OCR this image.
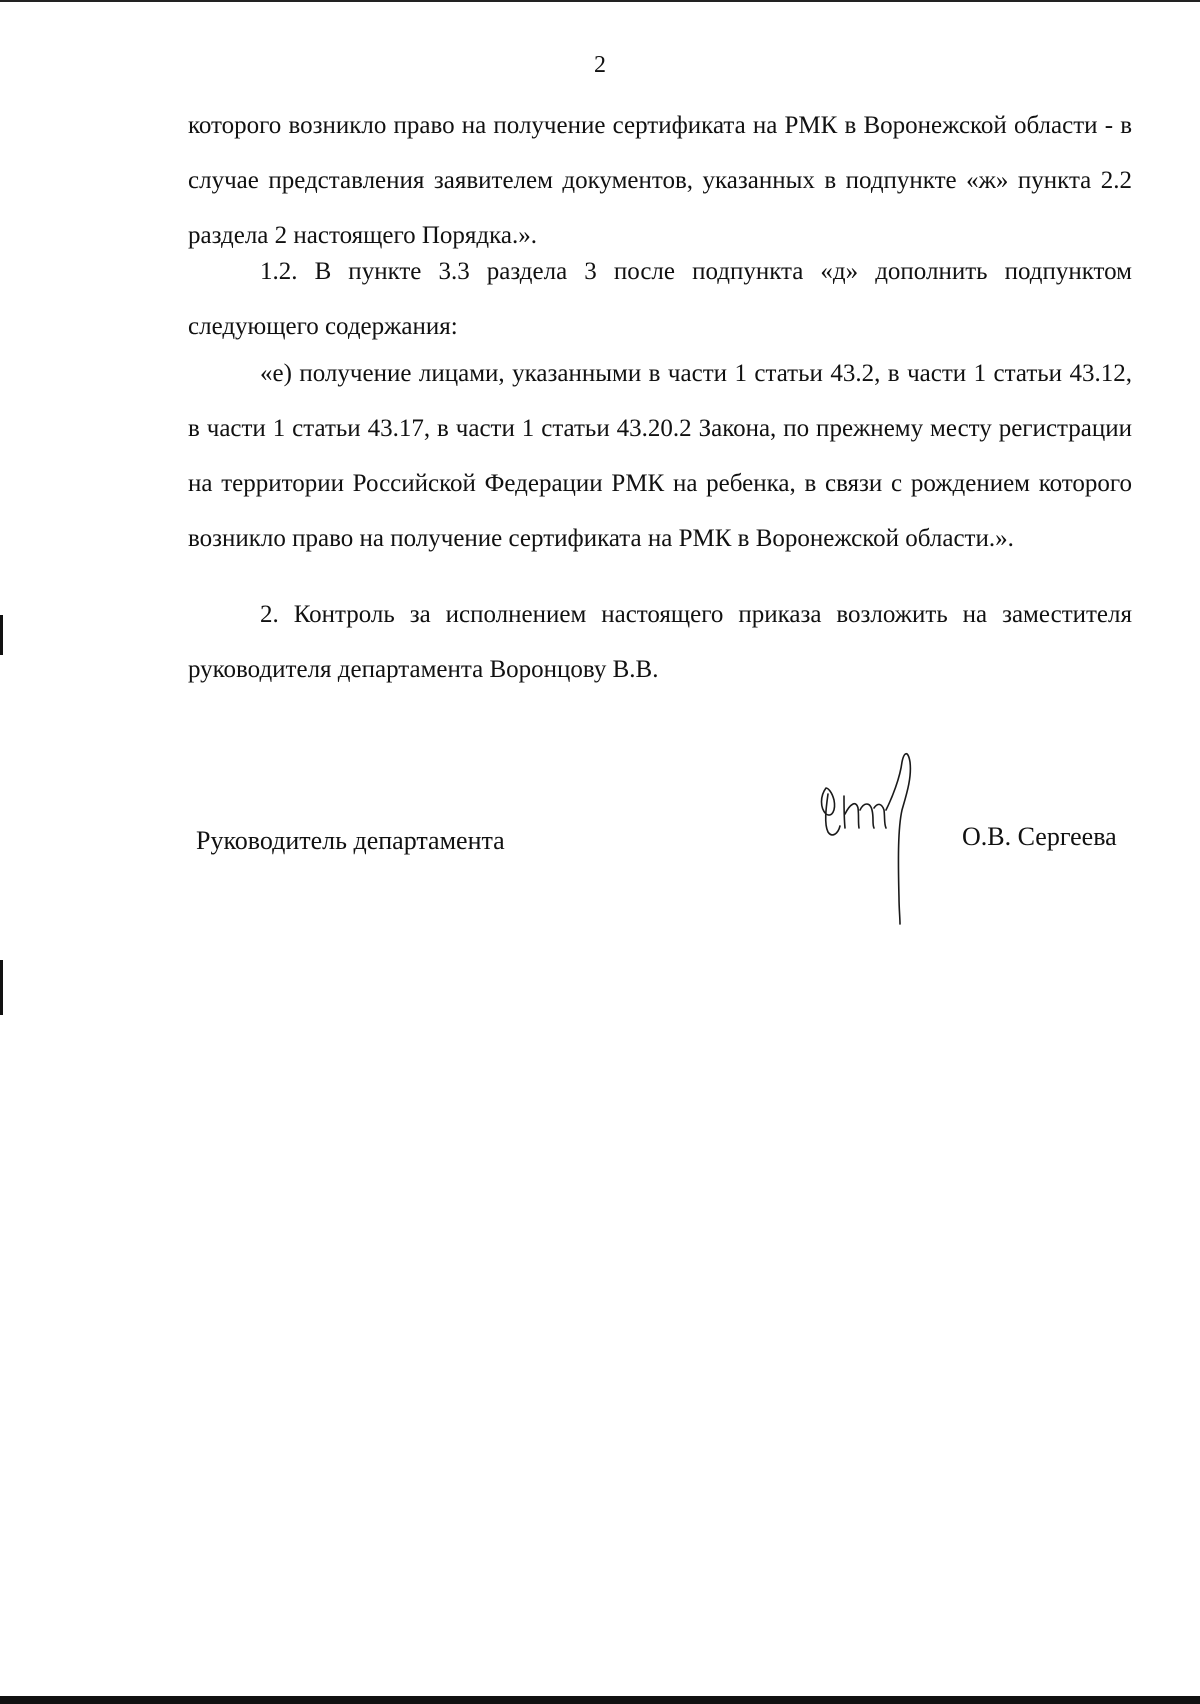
2

которого возникло право на получение сертификата на РМК в Воронежской области - в случае представления заявителем документов, указанных в подпункте «ж» пункта 2.2 раздела 2 настоящего Порядка.».

1.2. В пункте 3.3 раздела 3 после подпункта «д» дополнить подпунктом следующего содержания:

«е) получение лицами, указанными в части 1 статьи 43.2, в части 1 статьи 43.12, в части 1 статьи 43.17, в части 1 статьи 43.20.2 Закона, по прежнему месту регистрации на территории Российской Федерации РМК на ребенка, в связи с рождением которого возникло право на получение сертификата на РМК в Воронежской области.».

2. Контроль за исполнением настоящего приказа возложить на заместителя руководителя департамента Воронцову В.В.

Руководитель департамента	О.В. Сергеева
